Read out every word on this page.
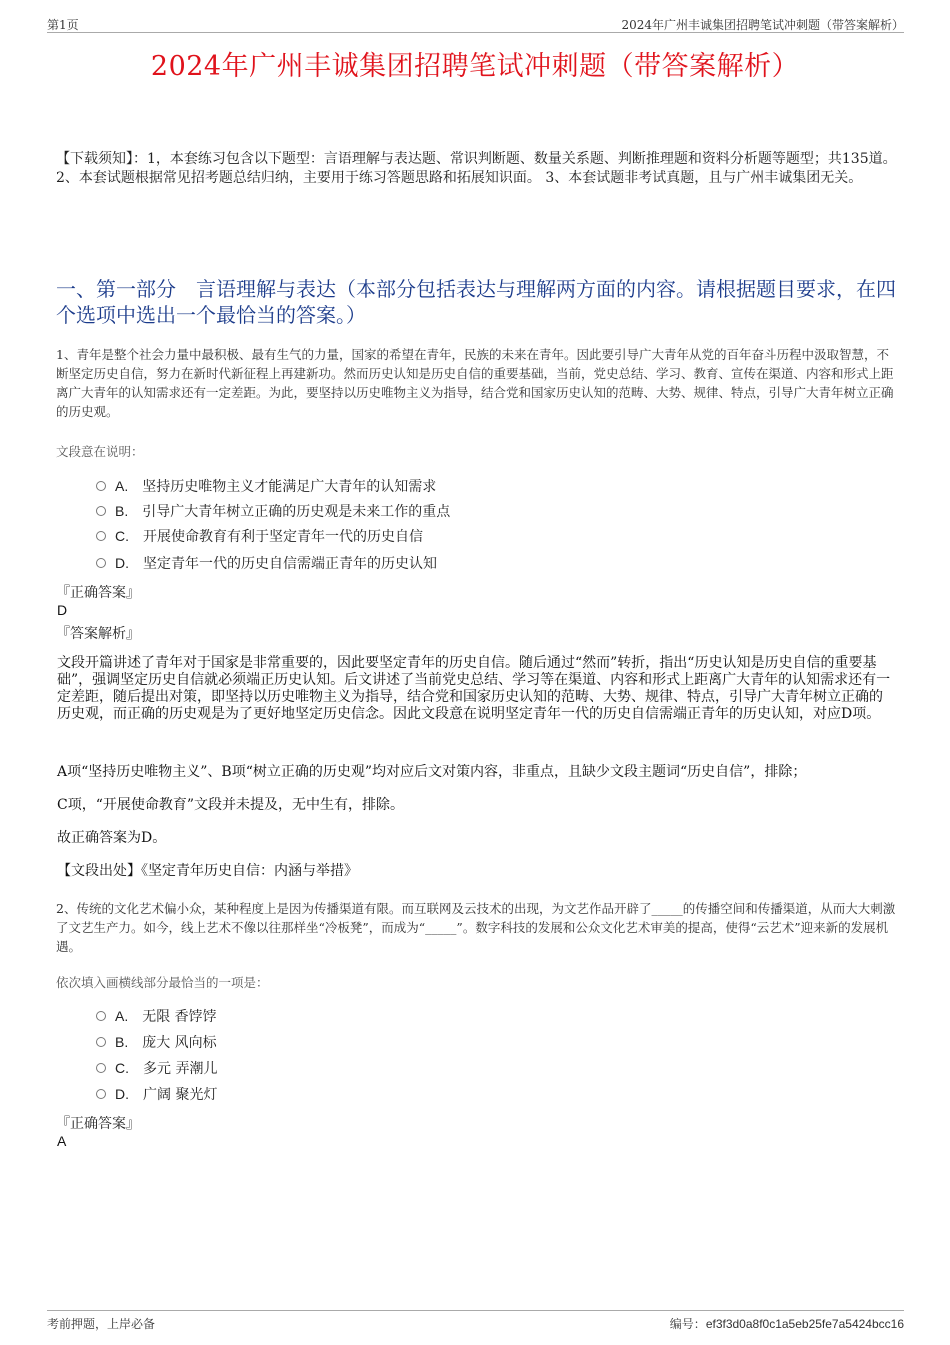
第1页	2024年广州丰诚集团招聘笔试冲刺题（带答案解析）
2024年广州丰诚集团招聘笔试冲刺题（带答案解析）
【下载须知】：1，本套练习包含以下题型：言语理解与表达题、常识判断题、数量关系题、判断推理题和资料分析题等题型；共135道。 2、本套试题根据常见招考题总结归纳，主要用于练习答题思路和拓展知识面。 3、本套试题非考试真题，且与广州丰诚集团无关。
一、第一部分　言语理解与表达（本部分包括表达与理解两方面的内容。请根据题目要求，在四个选项中选出一个最恰当的答案。）
1、青年是整个社会力量中最积极、最有生气的力量，国家的希望在青年，民族的未来在青年。因此要引导广大青年从党的百年奋斗历程中汲取智慧，不断坚定历史自信，努力在新时代新征程上再建新功。然而历史认知是历史自信的重要基础，当前，党史总结、学习、教育、宣传在渠道、内容和形式上距离广大青年的认知需求还有一定差距。为此，要坚持以历史唯物主义为指导，结合党和国家历史认知的范畴、大势、规律、特点，引导广大青年树立正确的历史观。
文段意在说明：
A. 坚持历史唯物主义才能满足广大青年的认知需求
B. 引导广大青年树立正确的历史观是未来工作的重点
C. 开展使命教育有利于坚定青年一代的历史自信
D. 坚定青年一代的历史自信需端正青年的历史认知
『正确答案』
D
『答案解析』
文段开篇讲述了青年对于国家是非常重要的，因此要坚定青年的历史自信。随后通过“然而”转折，指出“历史认知是历史自信的重要基础”，强调坚定历史自信就必须端正历史认知。后文讲述了当前党史总结、学习等在渠道、内容和形式上距离广大青年的认知需求还有一定差距，随后提出对策，即坚持以历史唯物主义为指导，结合党和国家历史认知的范畴、大势、规律、特点，引导广大青年树立正确的历史观，而正确的历史观是为了更好地坚定历史信念。因此文段意在说明坚定青年一代的历史自信需端正青年的历史认知，对应D项。
A项“坚持历史唯物主义”、B项“树立正确的历史观”均对应后文对策内容，非重点，且缺少文段主题词“历史自信”，排除；
C项，“开展使命教育”文段并未提及，无中生有，排除。
故正确答案为D。
【文段出处】《坚定青年历史自信：内涵与举措》
2、传统的文化艺术偏小众，某种程度上是因为传播渠道有限。而互联网及云技术的出现，为文艺作品开辟了_____的传播空间和传播渠道，从而大大刺激了文艺生产力。如今，线上艺术不像以往那样坐“冷板凳”，而成为“_____”。数字科技的发展和公众文化艺术审美的提高，使得“云艺术”迎来新的发展机遇。
依次填入画横线部分最恰当的一项是：
A. 无限 香饽饽
B. 庞大 风向标
C. 多元 弄潮儿
D. 广阔 聚光灯
『正确答案』
A
考前押题，上岸必备	编号：ef3f3d0a8f0c1a5eb25fe7a5424bcc16
